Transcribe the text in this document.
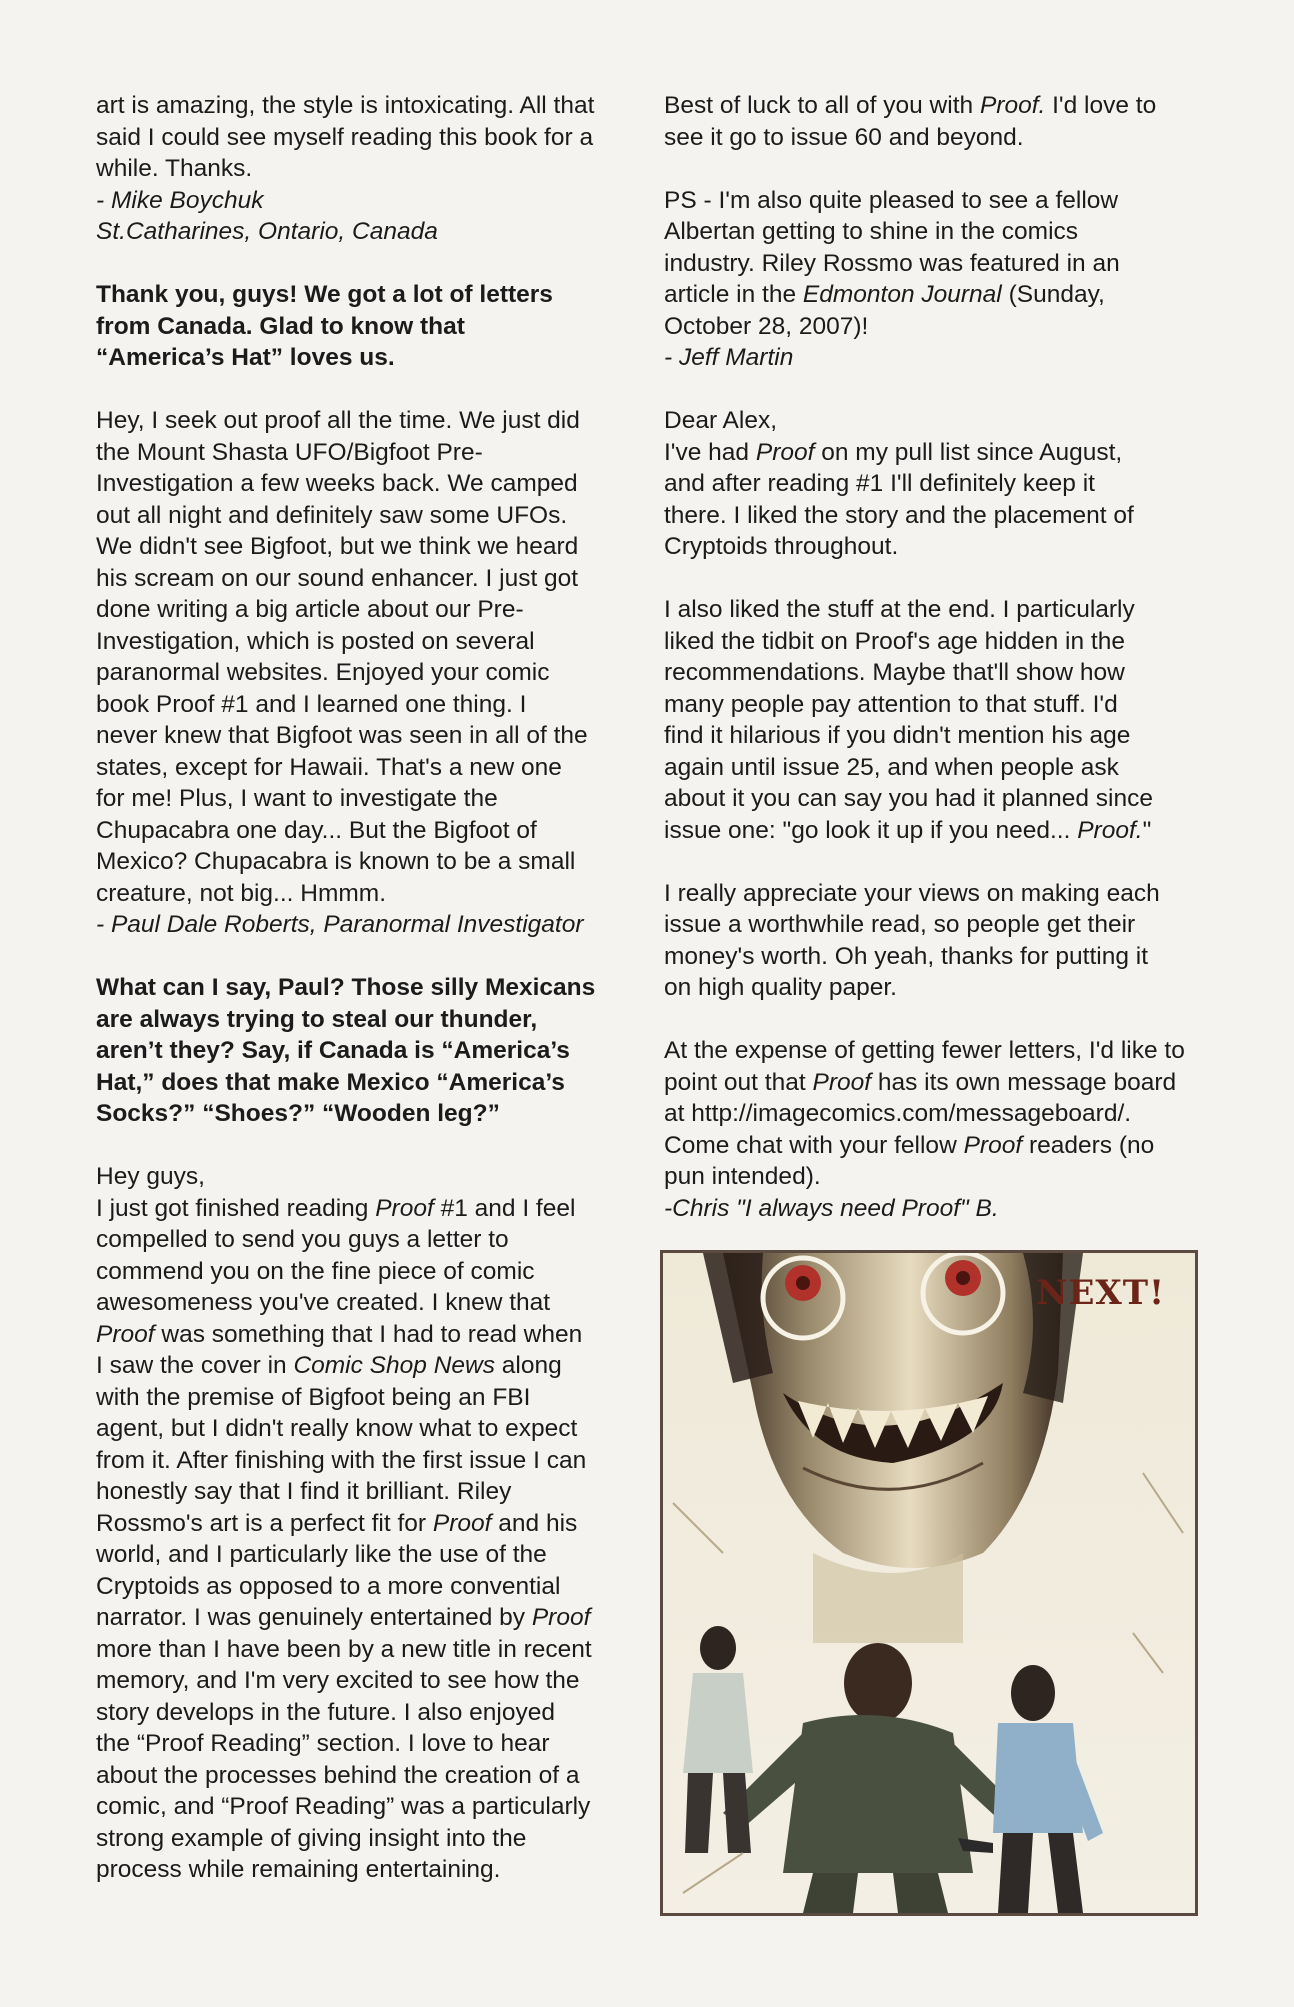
art is amazing, the style is intoxicating. All that
said I could see myself reading this book for a
while. Thanks.
- Mike Boychuk
St.Catharines, Ontario, Canada
Thank you, guys! We got a lot of letters
from Canada. Glad to know that
“America’s Hat” loves us.
Hey, I seek out proof all the time. We just did
the Mount Shasta UFO/Bigfoot Pre-
Investigation a few weeks back. We camped
out all night and definitely saw some UFOs.
We didn't see Bigfoot, but we think we heard
his scream on our sound enhancer. I just got
done writing a big article about our Pre-
Investigation, which is posted on several
paranormal websites. Enjoyed your comic
book Proof #1 and I learned one thing. I
never knew that Bigfoot was seen in all of the
states, except for Hawaii. That's a new one
for me! Plus, I want to investigate the
Chupacabra one day... But the Bigfoot of
Mexico? Chupacabra is known to be a small
creature, not big... Hmmm.
- Paul Dale Roberts, Paranormal Investigator
What can I say, Paul? Those silly Mexicans
are always trying to steal our thunder,
aren’t they? Say, if Canada is “America’s
Hat,” does that make Mexico “America’s
Socks?” “Shoes?” “Wooden leg?”
Hey guys,
I just got finished reading Proof #1 and I feel
compelled to send you guys a letter to
commend you on the fine piece of comic
awesomeness you've created. I knew that
Proof was something that I had to read when
I saw the cover in Comic Shop News along
with the premise of Bigfoot being an FBI
agent, but I didn't really know what to expect
from it. After finishing with the first issue I can
honestly say that I find it brilliant. Riley
Rossmo's art is a perfect fit for Proof and his
world, and I particularly like the use of the
Cryptoids as opposed to a more convential
narrator. I was genuinely entertained by Proof
more than I have been by a new title in recent
memory, and I'm very excited to see how the
story develops in the future. I also enjoyed
the “Proof Reading” section. I love to hear
about the processes behind the creation of a
comic, and “Proof Reading” was a particularly
strong example of giving insight into the
process while remaining entertaining.
Best of luck to all of you with Proof. I'd love to
see it go to issue 60 and beyond.
PS - I'm also quite pleased to see a fellow
Albertan getting to shine in the comics
industry. Riley Rossmo was featured in an
article in the Edmonton Journal (Sunday,
October 28, 2007)!
- Jeff Martin
Dear Alex,
I've had Proof on my pull list since August,
and after reading #1 I'll definitely keep it
there. I liked the story and the placement of
Cryptoids throughout.
I also liked the stuff at the end. I particularly
liked the tidbit on Proof's age hidden in the
recommendations. Maybe that'll show how
many people pay attention to that stuff. I'd
find it hilarious if you didn't mention his age
again until issue 25, and when people ask
about it you can say you had it planned since
issue one: "go look it up if you need... Proof."
I really appreciate your views on making each
issue a worthwhile read, so people get their
money's worth. Oh yeah, thanks for putting it
on high quality paper.
At the expense of getting fewer letters, I'd like to
point out that Proof has its own message board
at http://imagecomics.com/messageboard/.
Come chat with your fellow Proof readers (no
pun intended).
-Chris "I always need Proof" B.
NEXT!
